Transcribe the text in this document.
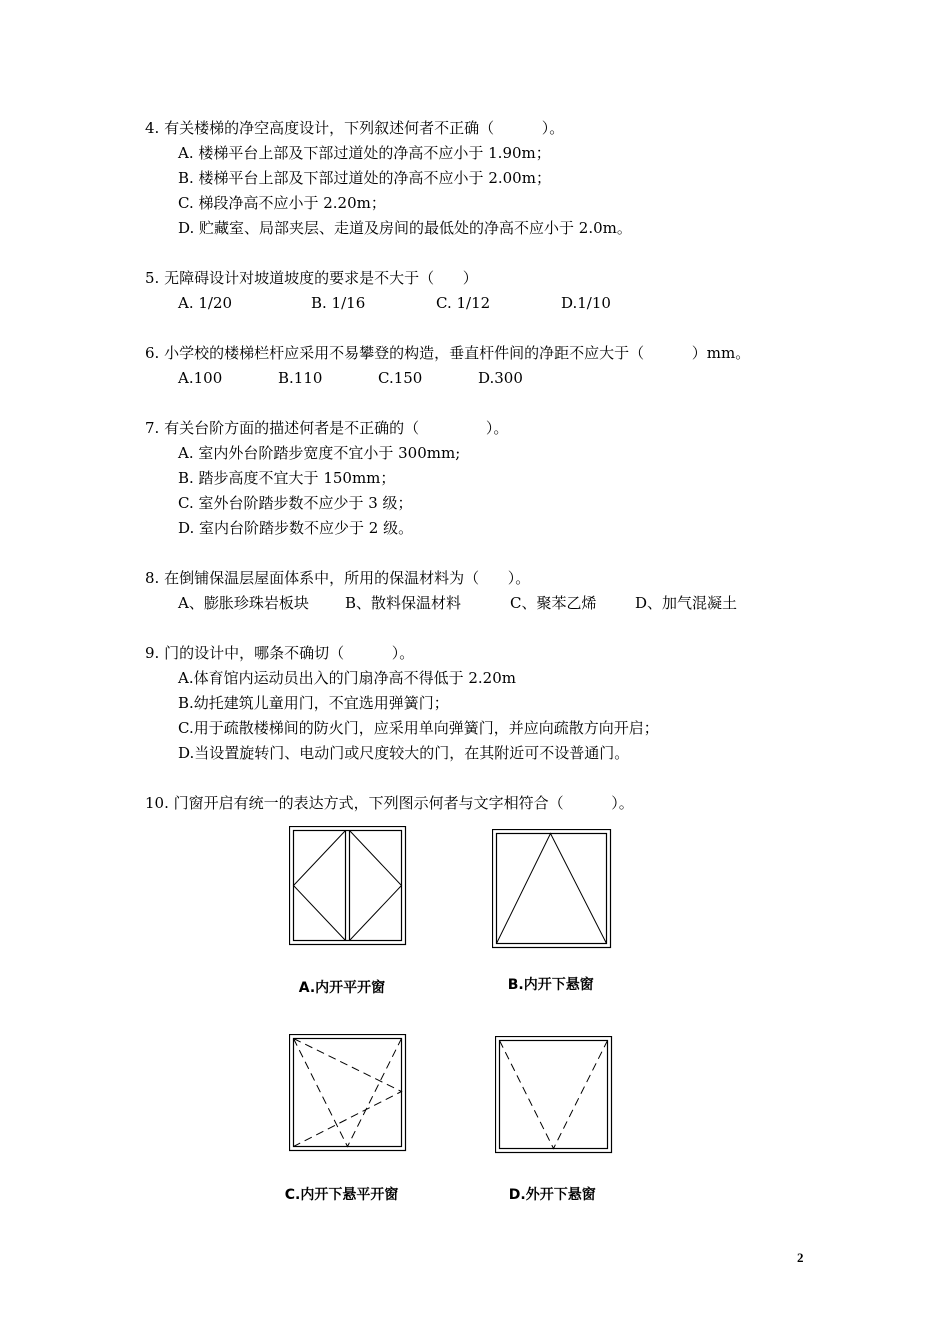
4. 有关楼梯的净空高度设计，下列叙述何者不正确（          ）。
A. 楼梯平台上部及下部过道处的净高不应小于 1.90m；
B. 楼梯平台上部及下部过道处的净高不应小于 2.00m；
C. 梯段净高不应小于 2.20m；
D. 贮藏室、局部夹层、走道及房间的最低处的净高不应小于 2.0m。
5. 无障碍设计对坡道坡度的要求是不大于（      ）
A. 1/20	B. 1/16	C. 1/12	D.1/10
6. 小学校的楼梯栏杆应采用不易攀登的构造，垂直杆件间的净距不应大于（          ）mm。
A.100	B.110	C.150	D.300
7. 有关台阶方面的描述何者是不正确的（              ）。
A. 室内外台阶踏步宽度不宜小于 300mm;
B. 踏步高度不宜大于 150mm；
C. 室外台阶踏步数不应少于 3 级；
D. 室内台阶踏步数不应少于 2 级。
8. 在倒铺保温层屋面体系中，所用的保温材料为（      ）。
A、膨胀珍珠岩板块 B、散料保温材料	C、聚苯乙烯	D、加气混凝土
9. 门的设计中，哪条不确切（          ）。
A.体育馆内运动员出入的门扇净高不得低于 2.20m
B.幼托建筑儿童用门，不宜选用弹簧门；
C.用于疏散楼梯间的防火门，应采用单向弹簧门，并应向疏散方向开启；
D.当设置旋转门、电动门或尺度较大的门，在其附近可不设普通门。
10. 门窗开启有统一的表达方式，下列图示何者与文字相符合（          ）。

A.内开平开窗	B.内开下悬窗

C.内开下悬平开窗	D.外开下悬窗

2
